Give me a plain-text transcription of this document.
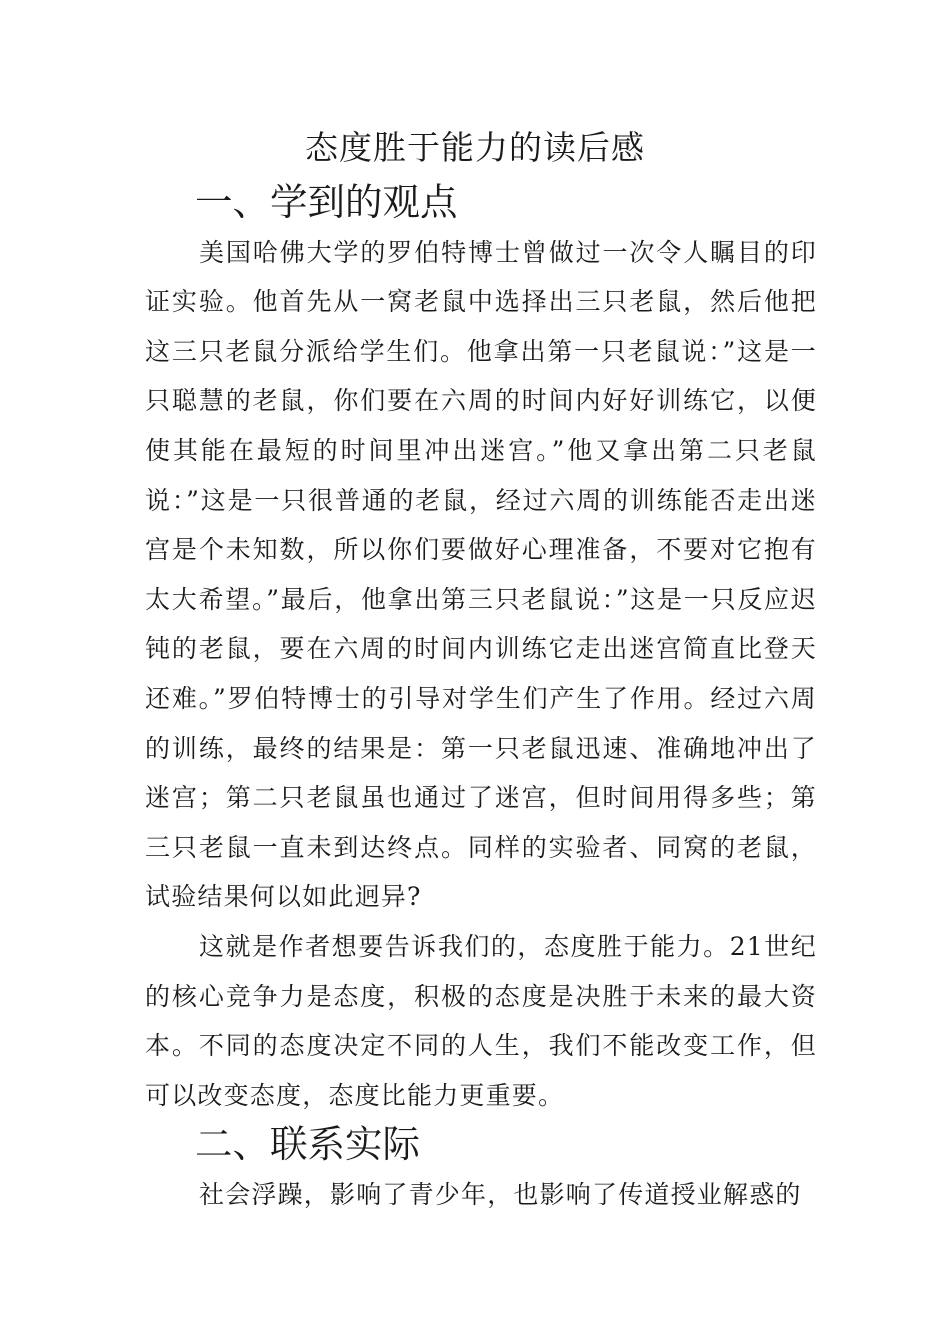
态度胜于能力的读后感
一、学到的观点

美国哈佛大学的罗伯特博士曾做过一次令人瞩目的印证实验。他首先从一窝老鼠中选择出三只老鼠，然后他把这三只老鼠分派给学生们。他拿出第一只老鼠说：”这是一只聪慧的老鼠，你们要在六周的时间内好好训练它，以便使其能在最短的时间里冲出迷宫。”他又拿出第二只老鼠说：”这是一只很普通的老鼠，经过六周的训练能否走出迷宫是个未知数，所以你们要做好心理准备，不要对它抱有太大希望。”最后，他拿出第三只老鼠说：”这是一只反应迟钝的老鼠，要在六周的时间内训练它走出迷宫简直比登天还难。”罗伯特博士的引导对学生们产生了作用。经过六周的训练，最终的结果是：第一只老鼠迅速、准确地冲出了迷宫；第二只老鼠虽也通过了迷宫，但时间用得多些；第三只老鼠一直未到达终点。同样的实验者、同窝的老鼠，试验结果何以如此迥异?

这就是作者想要告诉我们的，态度胜于能力。21世纪的核心竞争力是态度，积极的态度是决胜于未来的最大资本。不同的态度决定不同的人生，我们不能改变工作，但可以改变态度，态度比能力更重要。

二、联系实际

社会浮躁，影响了青少年，也影响了传道授业解惑的
